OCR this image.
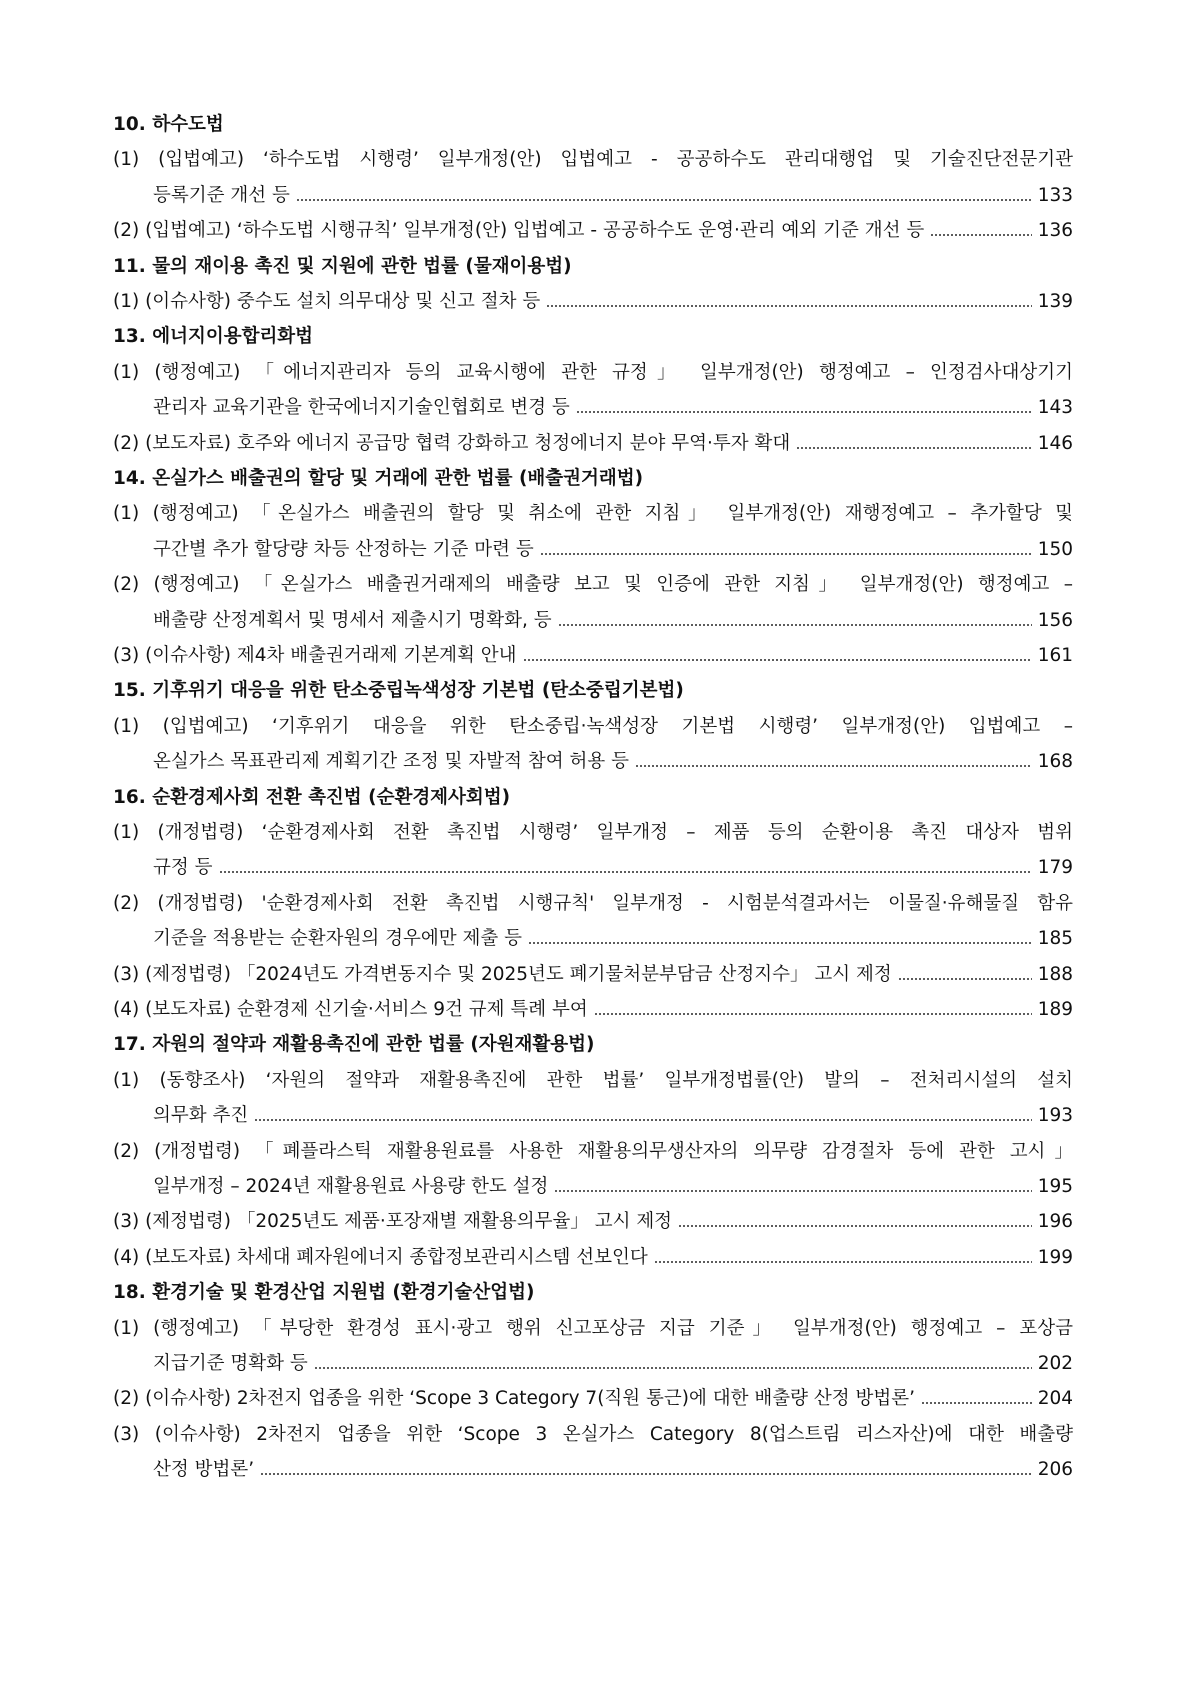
10. 하수도법
(1) (입법예고) ‘하수도법 시행령’ 일부개정(안) 입법예고 - 공공하수도 관리대행업 및 기술진단전문기관
등록기준 개선 등	133
(2) (입법예고) ‘하수도법 시행규칙’ 일부개정(안) 입법예고 - 공공하수도 운영·관리 예외 기준 개선 등	136
11. 물의 재이용 촉진 및 지원에 관한 법률 (물재이용법)
(1) (이슈사항) 중수도 설치 의무대상 및 신고 절차 등	139
13. 에너지이용합리화법
(1) (행정예고) 「에너지관리자 등의 교육시행에 관한 규정」 일부개정(안) 행정예고 – 인정검사대상기기
관리자 교육기관을 한국에너지기술인협회로 변경 등	143
(2) (보도자료) 호주와 에너지 공급망 협력 강화하고 청정에너지 분야 무역·투자 확대	146
14. 온실가스 배출권의 할당 및 거래에 관한 법률 (배출권거래법)
(1) (행정예고) 「온실가스 배출권의 할당 및 취소에 관한 지침」 일부개정(안) 재행정예고 – 추가할당 및
구간별 추가 할당량 차등 산정하는 기준 마련 등	150
(2) (행정예고) 「온실가스 배출권거래제의 배출량 보고 및 인증에 관한 지침」 일부개정(안) 행정예고 –
배출량 산정계획서 및 명세서 제출시기 명확화, 등	156
(3) (이슈사항) 제4차 배출권거래제 기본계획 안내	161
15. 기후위기 대응을 위한 탄소중립녹색성장 기본법 (탄소중립기본법)
(1) (입법예고) ‘기후위기 대응을 위한 탄소중립·녹색성장 기본법 시행령’ 일부개정(안) 입법예고 –
온실가스 목표관리제 계획기간 조정 및 자발적 참여 허용 등	168
16. 순환경제사회 전환 촉진법 (순환경제사회법)
(1) (개정법령) ‘순환경제사회 전환 촉진법 시행령’ 일부개정 – 제품 등의 순환이용 촉진 대상자 범위
규정 등	179
(2) (개정법령) '순환경제사회 전환 촉진법 시행규칙' 일부개정 - 시험분석결과서는 이물질·유해물질 함유
기준을 적용받는 순환자원의 경우에만 제출 등	185
(3) (제정법령) 「2024년도 가격변동지수 및 2025년도 폐기물처분부담금 산정지수」 고시 제정	188
(4) (보도자료) 순환경제 신기술·서비스 9건 규제 특례 부여	189
17. 자원의 절약과 재활용촉진에 관한 법률 (자원재활용법)
(1) (동향조사) ‘자원의 절약과 재활용촉진에 관한 법률’ 일부개정법률(안) 발의 – 전처리시설의 설치
의무화 추진	193
(2) (개정법령) 「폐플라스틱 재활용원료를 사용한 재활용의무생산자의 의무량 감경절차 등에 관한 고시」
일부개정 – 2024년 재활용원료 사용량 한도 설정	195
(3) (제정법령) 「2025년도 제품·포장재별 재활용의무율」 고시 제정	196
(4) (보도자료) 차세대 폐자원에너지 종합정보관리시스템 선보인다	199
18. 환경기술 및 환경산업 지원법 (환경기술산업법)
(1) (행정예고) 「부당한 환경성 표시·광고 행위 신고포상금 지급 기준」 일부개정(안) 행정예고 – 포상금
지급기준 명확화 등	202
(2) (이슈사항) 2차전지 업종을 위한 ‘Scope 3 Category 7(직원 통근)에 대한 배출량 산정 방법론’	204
(3) (이슈사항) 2차전지 업종을 위한 ‘Scope 3 온실가스 Category 8(업스트림 리스자산)에 대한 배출량
산정 방법론’	206
